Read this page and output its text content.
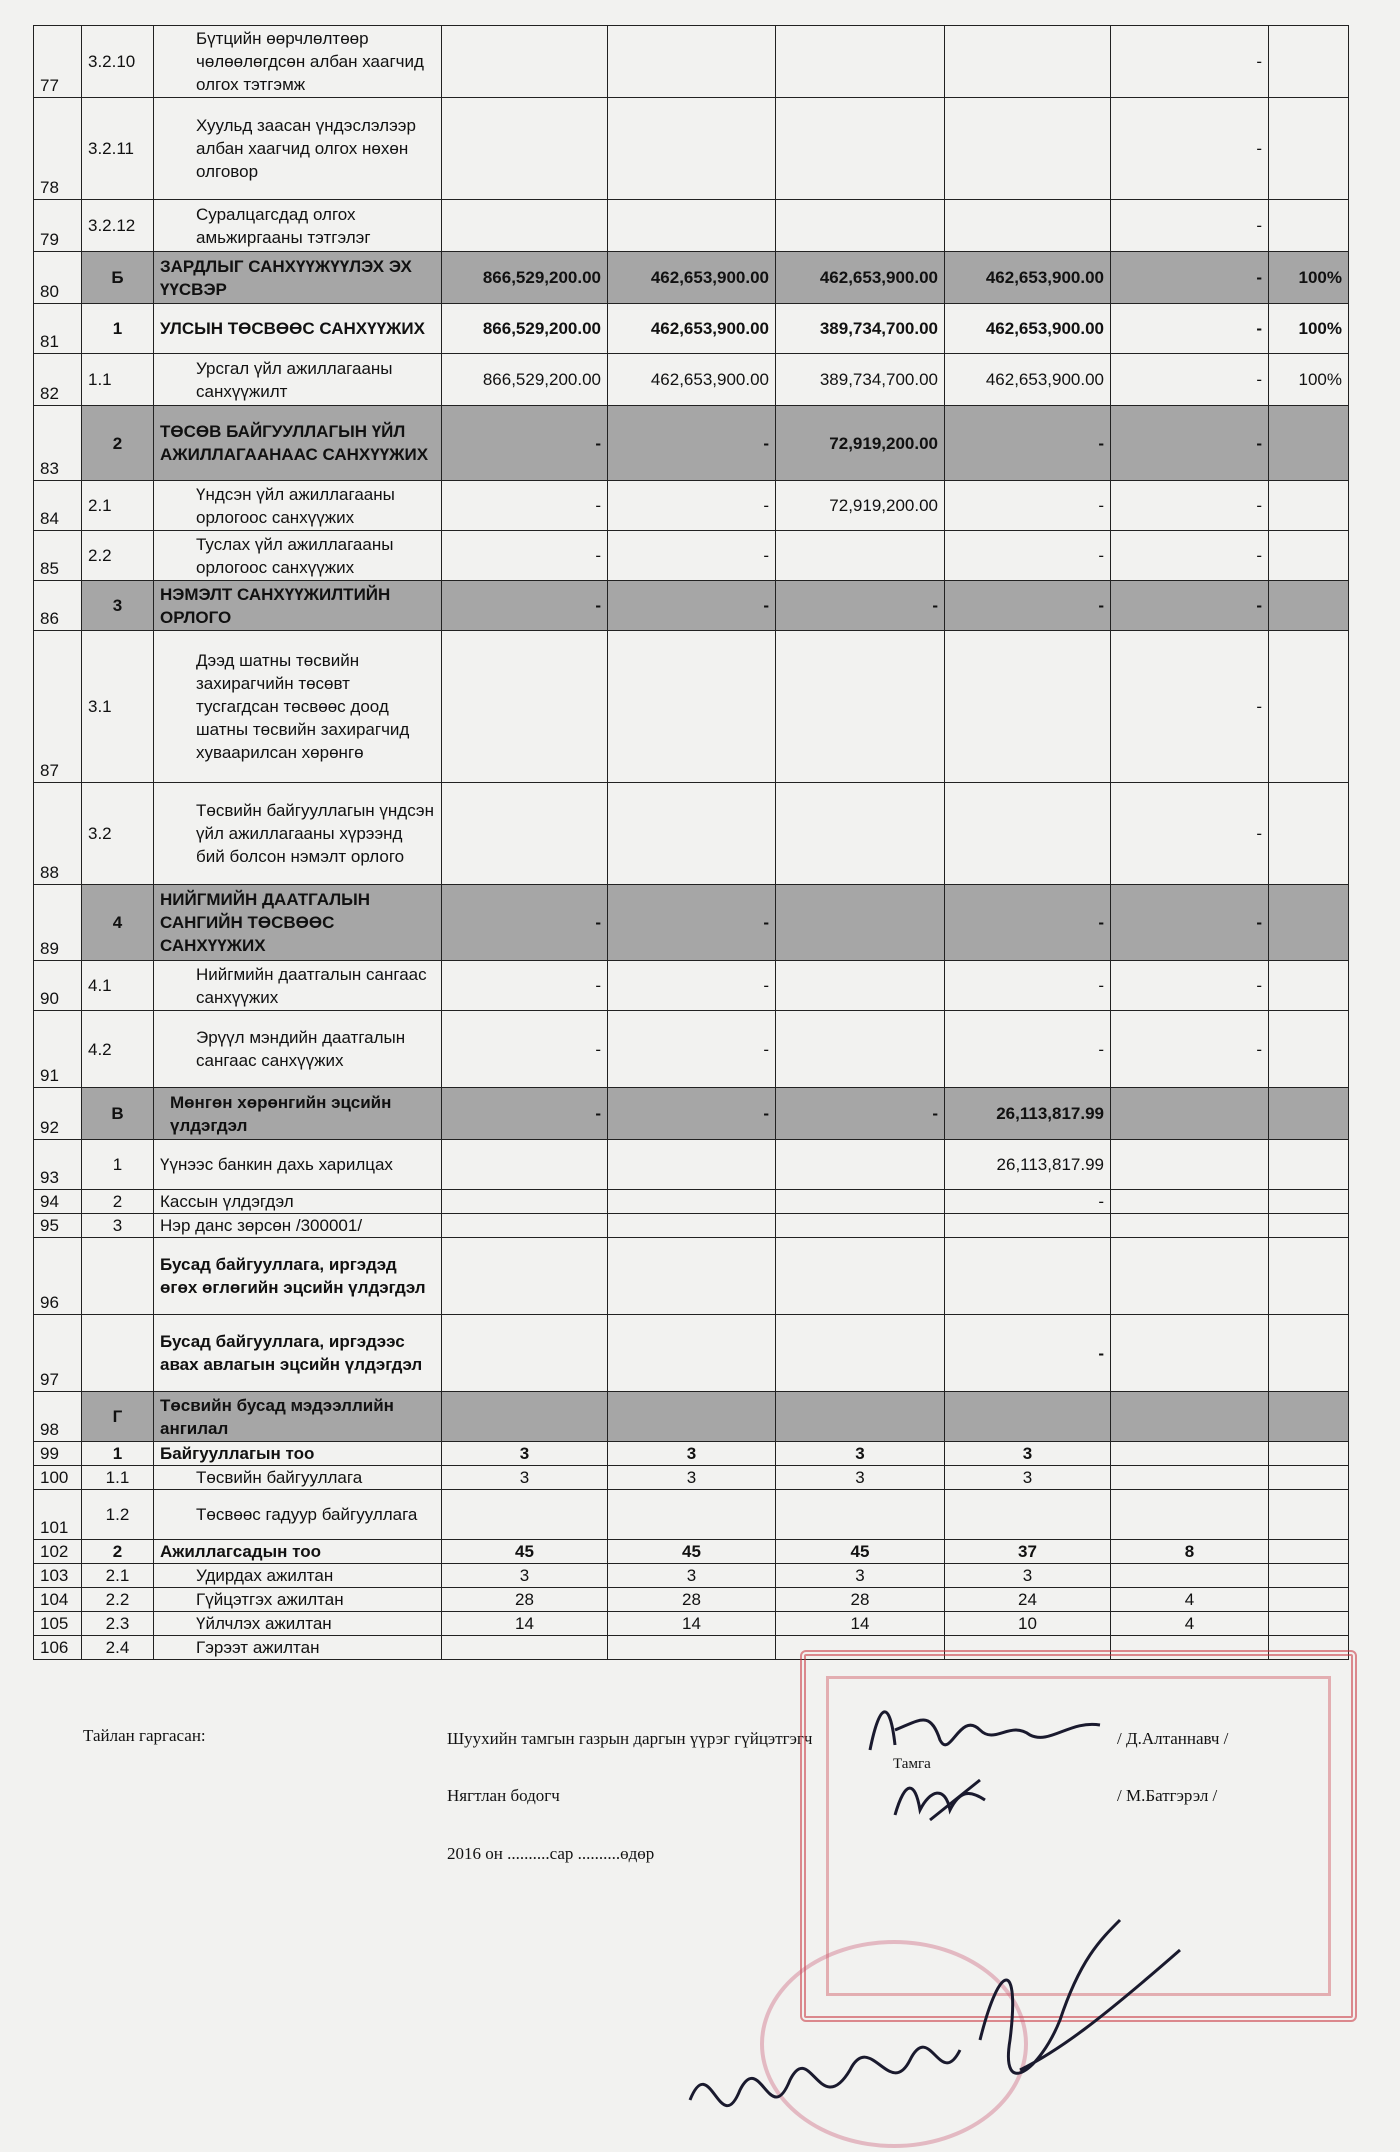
77	3.2.10	Бүтцийн өөрчлөлтөөр чөлөөлөгдсөн албан хаагчид олгох тэтгэмж					-	
78	3.2.11	Хуульд заасан үндэслэлээр албан хаагчид олгох нөхөн олговор					-	
79	3.2.12	Суралцагсдад олгох амьжиргааны тэтгэлэг					-	
80	Б	ЗАРДЛЫГ САНХҮҮЖҮҮЛЭХ ЭХ ҮҮСВЭР	866,529,200.00	462,653,900.00	462,653,900.00	462,653,900.00	-	100%
81	1	УЛСЫН ТӨСВӨӨС САНХҮҮЖИХ	866,529,200.00	462,653,900.00	389,734,700.00	462,653,900.00	-	100%
82	1.1	Урсгал үйл ажиллагааны санхүүжилт	866,529,200.00	462,653,900.00	389,734,700.00	462,653,900.00	-	100%
83	2	ТӨСӨВ БАЙГУУЛЛАГЫН ҮЙЛ АЖИЛЛАГААНААС САНХҮҮЖИХ	-	-	72,919,200.00	-	-	
84	2.1	Үндсэн үйл ажиллагааны орлогоос санхүүжих	-	-	72,919,200.00	-	-	
85	2.2	Туслах үйл ажиллагааны орлогоос санхүүжих	-	-		-	-	
86	3	НЭМЭЛТ САНХҮҮЖИЛТИЙН ОРЛОГО	-	-	-	-	-	
87	3.1	Дээд шатны төсвийн захирагчийн төсөвт тусгагдсан төсвөөс доод шатны төсвийн захирагчид хуваарилсан хөрөнгө					-	
88	3.2	Төсвийн байгууллагын үндсэн үйл ажиллагааны хүрээнд бий болсон нэмэлт орлого					-	
89	4	НИЙГМИЙН ДААТГАЛЫН САНГИЙН ТӨСВӨӨС САНХҮҮЖИХ	-	-		-	-	
90	4.1	Нийгмийн даатгалын сангаас санхүүжих	-	-		-	-	
91	4.2	Эрүүл мэндийн даатгалын сангаас санхүүжих	-	-		-	-	
92	В	Мөнгөн хөрөнгийн эцсийн үлдэгдэл	-	-	-	26,113,817.99		
93	1	Үүнээс банкин дахь харилцах				26,113,817.99		
94	2	Кассын үлдэгдэл				-		
95	3	Нэр данс зөрсөн /300001/						
96		Бусад байгууллага, иргэдэд өгөх өглөгийн эцсийн үлдэгдэл						
97		Бусад байгууллага, иргэдээс авах авлагын эцсийн үлдэгдэл				-		
98	Г	Төсвийн бусад мэдээллийн ангилал						
99	1	Байгууллагын тоо	3	3	3	3		
100	1.1	Төсвийн байгууллага	3	3	3	3		
101	1.2	Төсвөөс гадуур байгууллага						
102	2	Ажиллагсадын тоо	45	45	45	37	8	
103	2.1	Удирдах ажилтан	3	3	3	3		
104	2.2	Гүйцэтгэх ажилтан	28	28	28	24	4	
105	2.3	Үйлчлэх ажилтан	14	14	14	10	4	
106	2.4	Гэрээт ажилтан						
Тайлан гаргасан:	Шуухийн тамгын газрын даргын үүрэг гүйцэтгэгч	/ Д.Алтаннавч /
Тамга
Нягтлан бодогч	/ М.Батгэрэл /
2016 он ..........сар ..........өдөр
